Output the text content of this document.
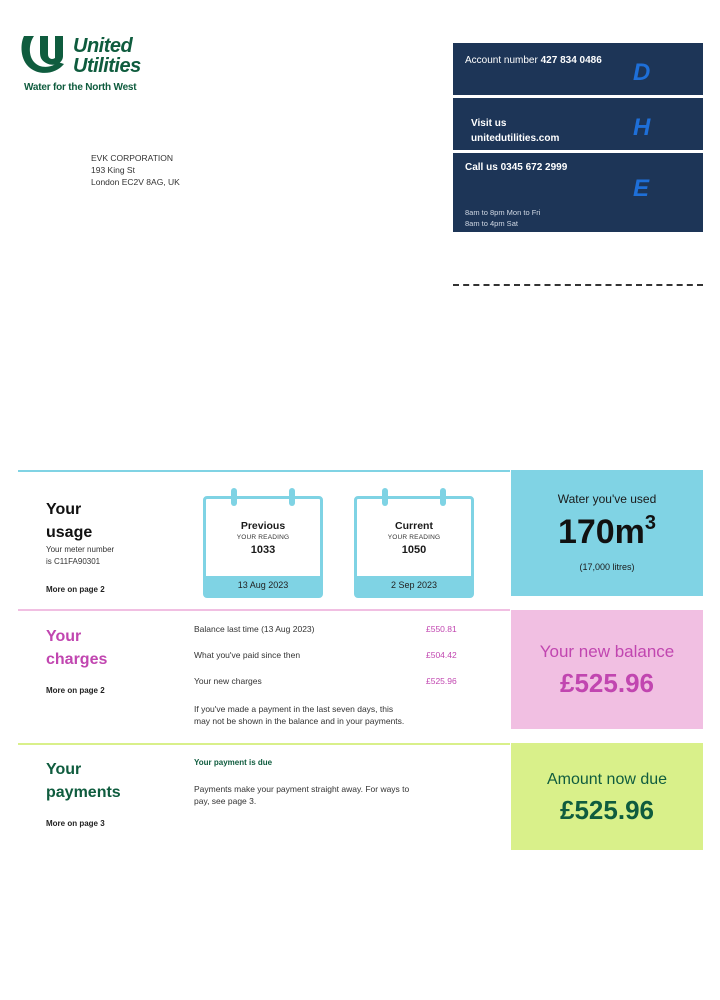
United
Utilities
Water for the North West
EVK CORPORATION
193 King St
London EC2V 8AG, UK
Account number 427 834 0486	D
Visit us
unitedutilities.com	H
Call us 0345 672 2999
8am to 8pm Mon to Fri
8am to 4pm Sat
E
Your
usage
Your meter number
is C11FA90301
More on page 2
Previous
YOUR READING
1033
13 Aug 2023
Current
YOUR READING
1050
2 Sep 2023
Water you've used
$170m^3$
(17,000 litres)
Your
charges
More on page 2
Balance last time (13 Aug 2023)	£550.81
What you've paid since then	£504.42
Your new charges	£525.96
If you've made a payment in the last seven days, this
may not be shown in the balance and in your payments.
Your new balance
£525.96
Your
payments
More on page 3
Your payment is due
Payments make your payment straight away. For ways to
pay, see page 3.
Amount now due
£525.96
